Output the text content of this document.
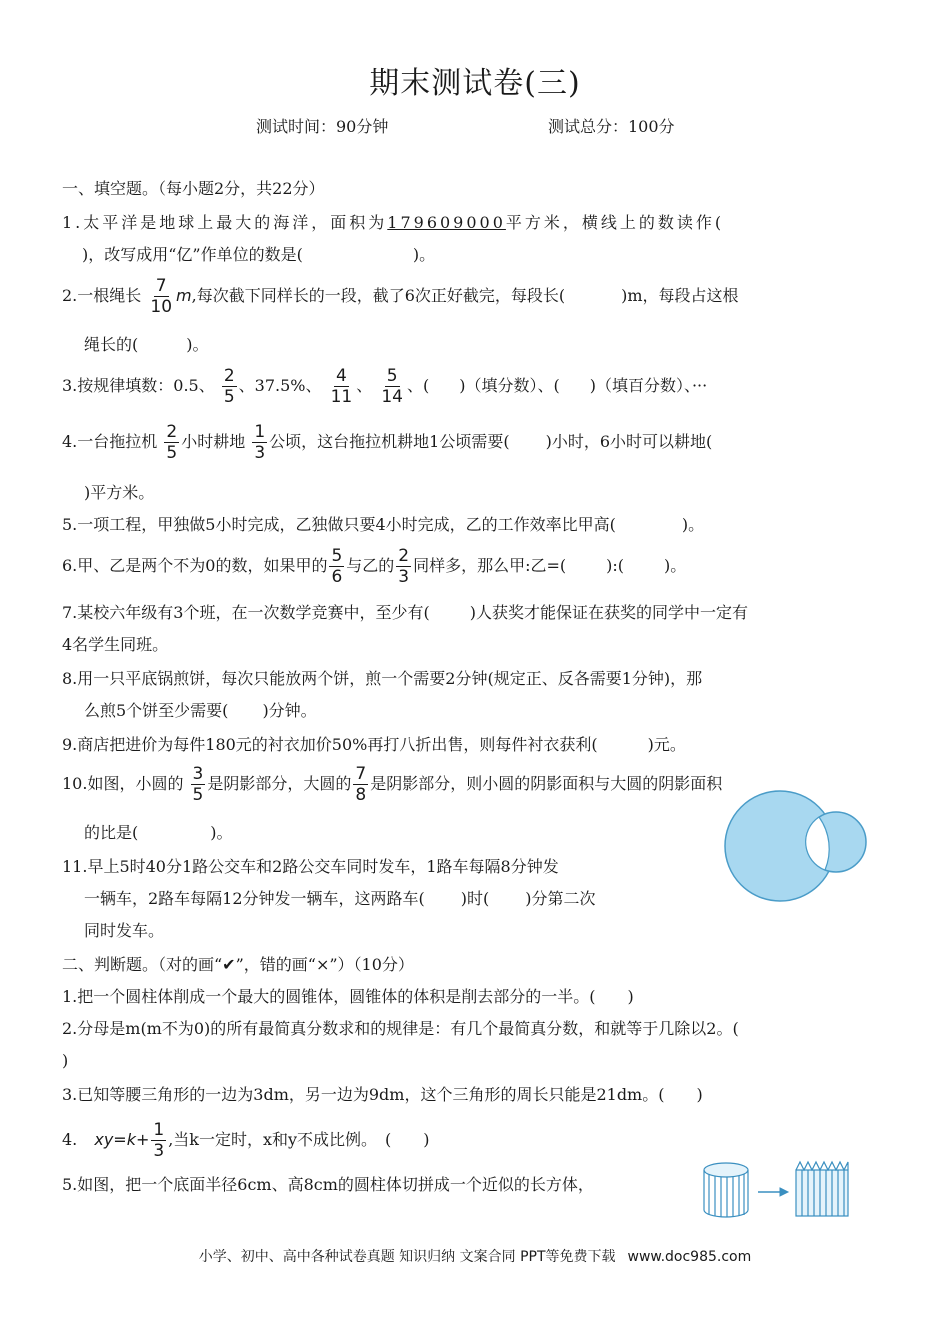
期末测试卷(三)
测试时间：90分钟	测试总分：100分
一、填空题。（每小题2分，共22分）
1.太平洋是地球上最大的海洋，面积为179609000平方米，横线上的数读作(
)，改写成用“亿”作单位的数是(	)。
2.一根绳长 $\frac{7}{10} m$,每次截下同样长的一段，截了6次正好截完，每段长(	)m，每段占这根
绳长的(	)。
3.按规律填数：0.5、 $\frac{2}{5}$ 、37.5%、 $\frac{4}{11}$ 、 $\frac{5}{14}$ 、( )（填分数）、( )（填百分数）、···
4.一台拖拉机 $\frac{2}{5}$ 小时耕地 $\frac{1}{3}$ 公顷，这台拖拉机耕地1公顷需要( )小时，6小时可以耕地(
)平方米。
5.一项工程，甲独做5小时完成，乙独做只要4小时完成，乙的工作效率比甲高(	)。
6.甲、乙是两个不为0的数，如果甲的 $\frac{5}{6}$ 与乙的 $\frac{2}{3}$ 同样多，那么甲:乙=(	):(	)。
7.某校六年级有3个班，在一次数学竞赛中，至少有(	)人获奖才能保证在获奖的同学中一定有
4名学生同班。
8.用一只平底锅煎饼，每次只能放两个饼，煎一个需要2分钟(规定正、反各需要1分钟)，那
么煎5个饼至少需要( )分钟。
9.商店把进价为每件180元的衬衣加价50%再打八折出售，则每件衬衣获利(	)元。
10.如图，小圆的 $\frac{3}{5}$ 是阴影部分，大圆的 $\frac{7}{8}$ 是阴影部分，则小圆的阴影面积与大圆的阴影面积
的比是(	)。
11.早上5时40分1路公交车和2路公交车同时发车，1路车每隔8分钟发
一辆车，2路车每隔12分钟发一辆车，这两路车( )时( )分第二次
同时发车。
二、判断题。（对的画“✔”，错的画“×”）（10分）
1.把一个圆柱体削成一个最大的圆锥体，圆锥体的体积是削去部分的一半。(　　)
2.分母是m(m不为0)的所有最简真分数求和的规律是：有几个最简真分数，和就等于几除以2。(
)
3.已知等腰三角形的一边为3dm，另一边为9dm，这个三角形的周长只能是21dm。(　　)
4. $xy=k+ \frac{1}{3}$ ,当k一定时，x和y不成比例。　(　　)
5.如图，把一个底面半径6cm、高8cm的圆柱体切拼成一个近似的长方体，
小学、初中、高中各种试卷真题 知识归纳 文案合同 PPT等免费下载 www.doc985.com
